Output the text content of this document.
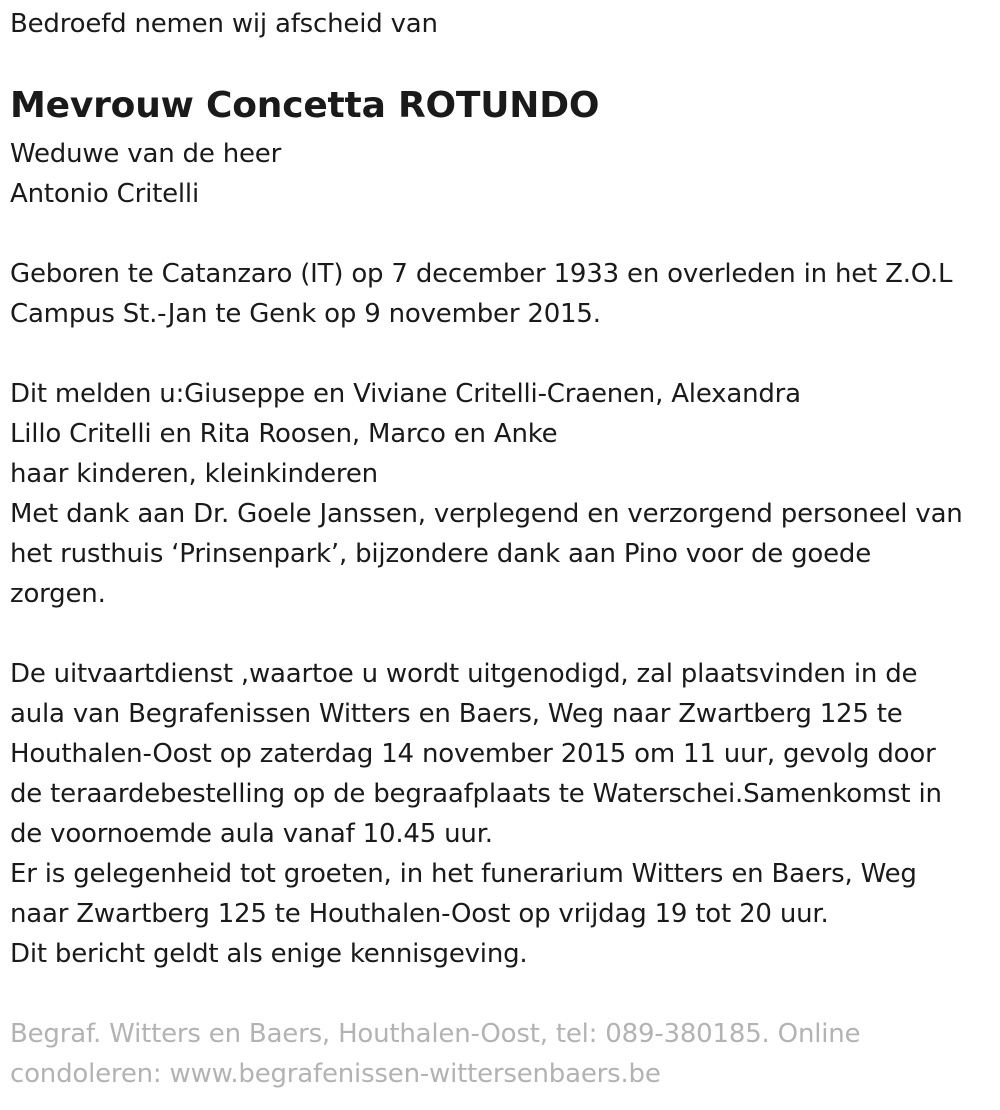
Bedroefd nemen wij afscheid van
Mevrouw Concetta ROTUNDO
Weduwe van de heer
Antonio Critelli
Geboren te Catanzaro (IT) op 7 december 1933 en overleden in het Z.O.L
Campus St.-Jan te Genk op 9 november 2015.
Dit melden u:Giuseppe en Viviane Critelli-Craenen, Alexandra
Lillo Critelli en Rita Roosen, Marco en Anke
haar kinderen, kleinkinderen
Met dank aan Dr. Goele Janssen, verplegend en verzorgend personeel van
het rusthuis ‘Prinsenpark’, bijzondere dank aan Pino voor de goede
zorgen.
De uitvaartdienst ,waartoe u wordt uitgenodigd, zal plaatsvinden in de
aula van Begrafenissen Witters en Baers, Weg naar Zwartberg 125 te
Houthalen-Oost op zaterdag 14 november 2015 om 11 uur, gevolg door
de teraardebestelling op de begraafplaats te Waterschei.Samenkomst in
de voornoemde aula vanaf 10.45 uur.
Er is gelegenheid tot groeten, in het funerarium Witters en Baers, Weg
naar Zwartberg 125 te Houthalen-Oost op vrijdag 19 tot 20 uur.
Dit bericht geldt als enige kennisgeving.
Begraf. Witters en Baers, Houthalen-Oost, tel: 089-380185. Online
condoleren: www.begrafenissen-wittersenbaers.be
